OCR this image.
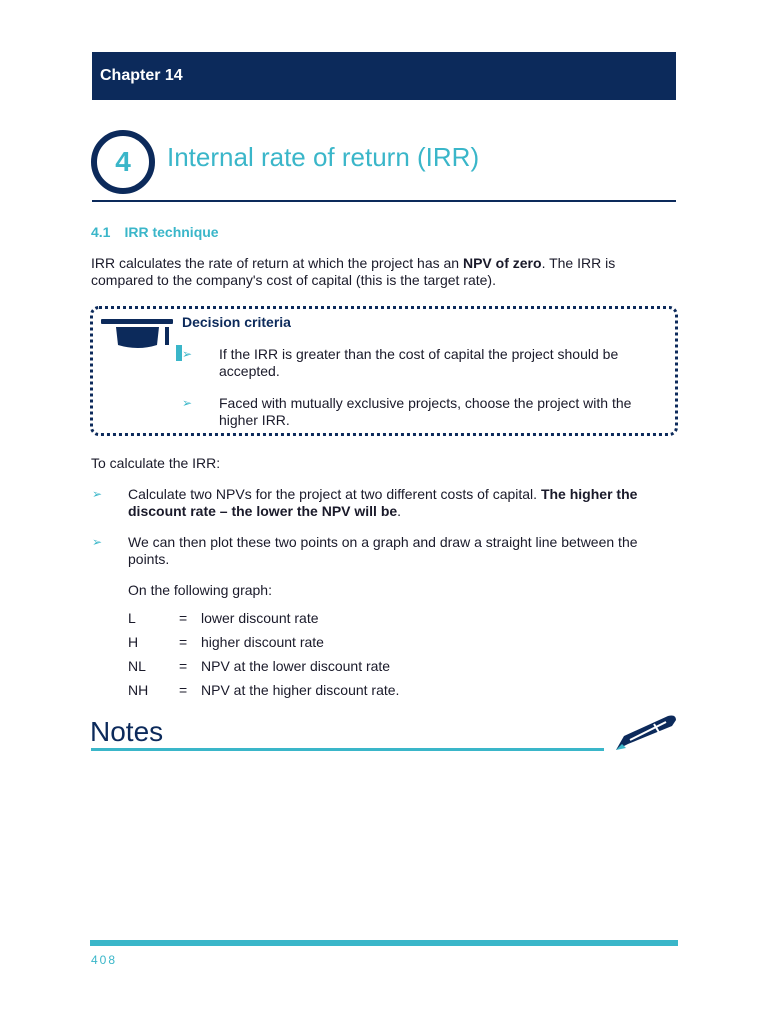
Chapter 14
4 Internal rate of return (IRR)
4.1 IRR technique
IRR calculates the rate of return at which the project has an NPV of zero. The IRR is compared to the company's cost of capital (this is the target rate).
Decision criteria
➢ If the IRR is greater than the cost of capital the project should be accepted.
➢ Faced with mutually exclusive projects, choose the project with the higher IRR.
To calculate the IRR:
➢ Calculate two NPVs for the project at two different costs of capital. The higher the discount rate – the lower the NPV will be.
➢ We can then plot these two points on a graph and draw a straight line between the points.
On the following graph:
L	= lower discount rate
H	= higher discount rate
NL = NPV at the lower discount rate
NH = NPV at the higher discount rate.
Notes
408
